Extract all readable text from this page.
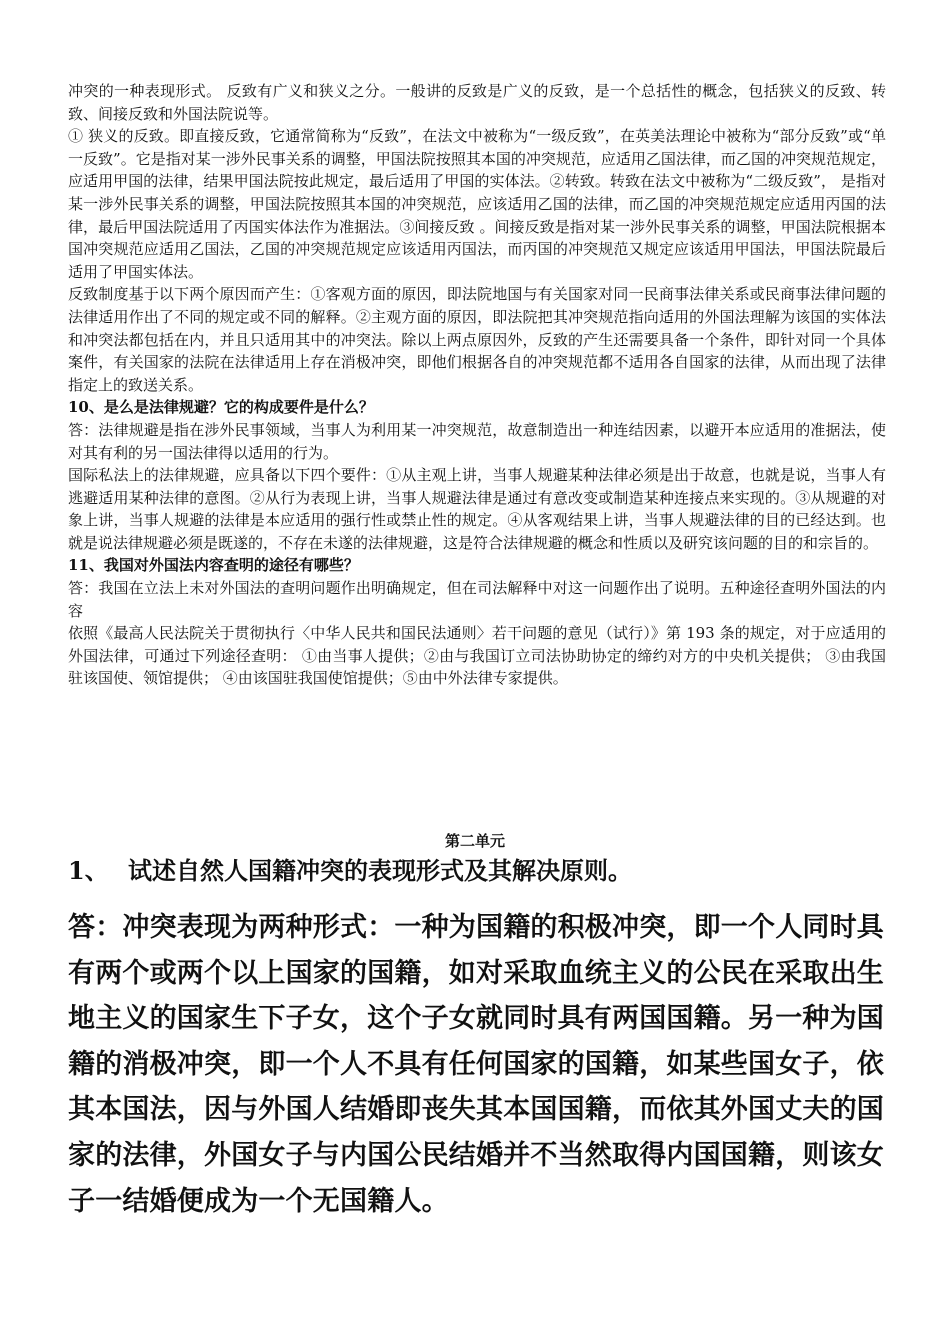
冲突的一种表现形式。 反致有广义和狭义之分。一般讲的反致是广义的反致，是一个总括性的概念，包括狭义的反致、转致、间接反致和外国法院说等。

① 狭义的反致。即直接反致，它通常简称为“反致”，在法文中被称为“一级反致”，在英美法理论中被称为“部分反致”或“单一反致”。它是指对某一涉外民事关系的调整，甲国法院按照其本国的冲突规范，应适用乙国法律，而乙国的冲突规范规定，应适用甲国的法律，结果甲国法院按此规定，最后适用了甲国的实体法。②转致。转致在法文中被称为“二级反致”， 是指对某一涉外民事关系的调整，甲国法院按照其本国的冲突规范，应该适用乙国的法律，而乙国的冲突规范规定应适用丙国的法律，最后甲国法院适用了丙国实体法作为准据法。③间接反致 。间接反致是指对某一涉外民事关系的调整，甲国法院根据本国冲突规范应适用乙国法，乙国的冲突规范规定应该适用丙国法，而丙国的冲突规范又规定应该适用甲国法，甲国法院最后适用了甲国实体法。

反致制度基于以下两个原因而产生：①客观方面的原因，即法院地国与有关国家对同一民商事法律关系或民商事法律问题的法律适用作出了不同的规定或不同的解释。②主观方面的原因，即法院把其冲突规范指向适用的外国法理解为该国的实体法和冲突法都包括在内，并且只适用其中的冲突法。除以上两点原因外，反致的产生还需要具备一个条件，即针对同一个具体案件，有关国家的法院在法律适用上存在消极冲突，即他们根据各自的冲突规范都不适用各自国家的法律，从而出现了法律指定上的致送关系。

10、是么是法律规避？它的构成要件是什么？

答：法律规避是指在涉外民事领域，当事人为利用某一冲突规范，故意制造出一种连结因素，以避开本应适用的准据法，使对其有利的另一国法律得以适用的行为。

国际私法上的法律规避，应具备以下四个要件：①从主观上讲，当事人规避某种法律必须是出于故意，也就是说，当事人有逃避适用某种法律的意图。②从行为表现上讲，当事人规避法律是通过有意改变或制造某种连接点来实现的。③从规避的对象上讲，当事人规避的法律是本应适用的强行性或禁止性的规定。④从客观结果上讲，当事人规避法律的目的已经达到。也就是说法律规避必须是既遂的，不存在未遂的法律规避，这是符合法律规避的概念和性质以及研究该问题的目的和宗旨的。

11、我国对外国法内容查明的途径有哪些？

答：我国在立法上未对外国法的查明问题作出明确规定，但在司法解释中对这一问题作出了说明。五种途径查明外国法的内容

依照《最高人民法院关于贯彻执行〈中华人民共和国民法通则〉若干问题的意见（试行）》第 193 条的规定，对于应适用的外国法律，可通过下列途径查明： ①由当事人提供；②由与我国订立司法协助协定的缔约对方的中央机关提供； ③由我国驻该国使、领馆提供； ④由该国驻我国使馆提供；⑤由中外法律专家提供。

第二单元
1、 试述自然人国籍冲突的表现形式及其解决原则。
答：冲突表现为两种形式：一种为国籍的积极冲突，即一个人同时具有两个或两个以上国家的国籍，如对采取血统主义的公民在采取出生地主义的国家生下子女，这个子女就同时具有两国国籍。另一种为国籍的消极冲突，即一个人不具有任何国家的国籍，如某些国女子，依其本国法，因与外国人结婚即丧失其本国国籍，而依其外国丈夫的国家的法律，外国女子与内国公民结婚并不当然取得内国国籍，则该女子一结婚便成为一个无国籍人。
